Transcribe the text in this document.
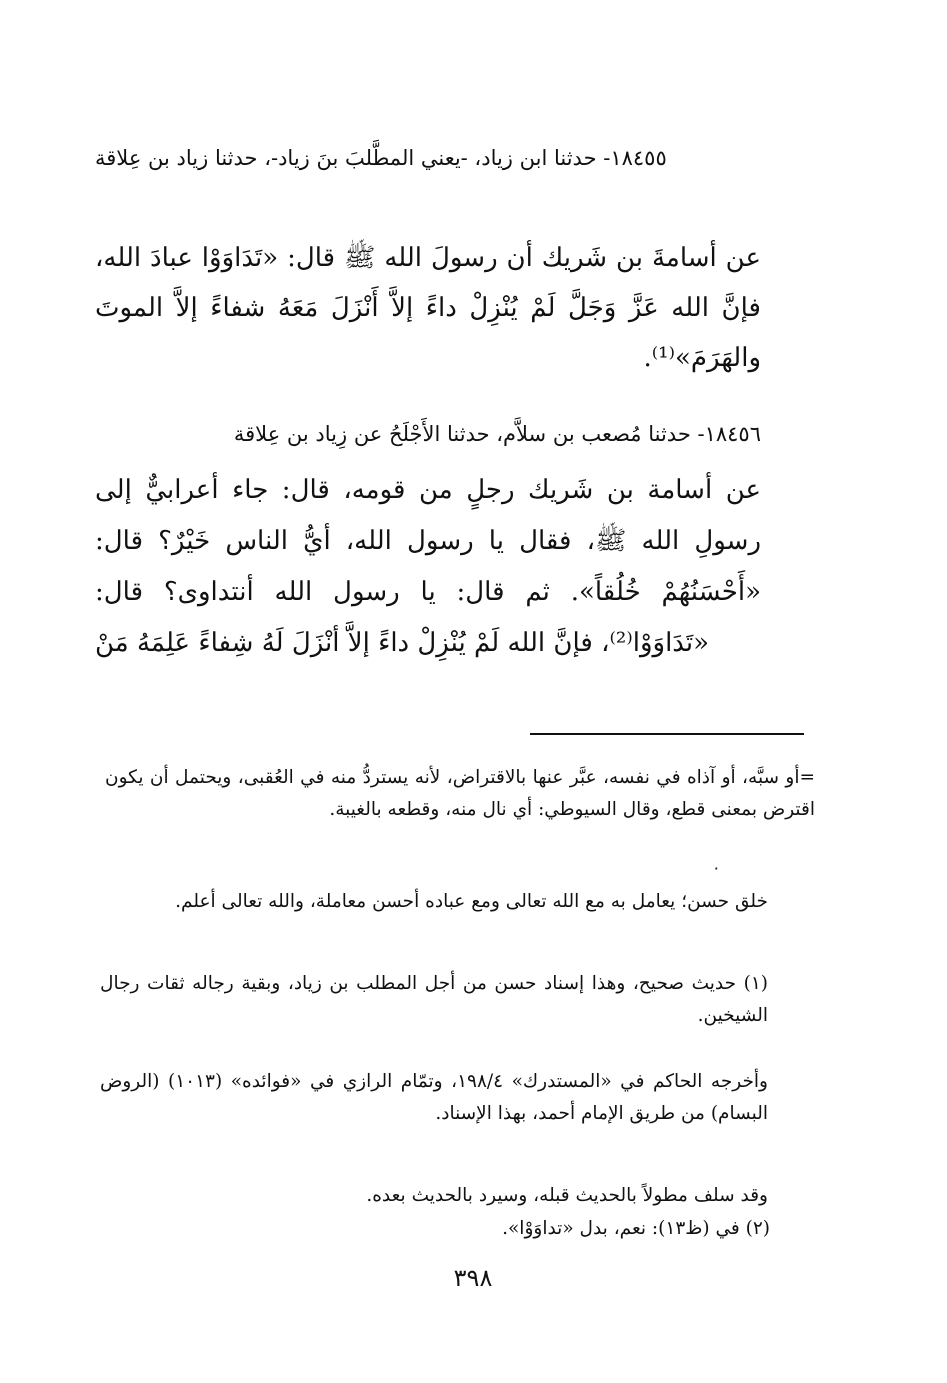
١٨٤٥٥- حدثنا ابن زياد، -يعني المطَّلبَ بنَ زياد-، حدثنا زياد بن عِلاقة

عن أسامةَ بن شَريك أن رسولَ الله ﷺ قال: «تَدَاوَوْا عبادَ الله، فإنَّ الله عَزَّ وَجَلَّ لَمْ يُنْزِلْ داءً إلاَّ أَنْزَلَ مَعَهُ شفاءً إلاَّ الموتَ والهَرَمَ»⁽¹⁾.

١٨٤٥٦- حدثنا مُصعب بن سلاَّم، حدثنا الأَجْلَحُ عن زِياد بن عِلاقة

عن أسامة بن شَريك رجلٍ من قومه، قال: جاء أعرابيٌّ إلى رسولِ الله ﷺ، فقال يا رسول الله، أيُّ الناس خَيْرٌ؟ قال: «أَحْسَنُهُمْ خُلُقاً». ثم قال: يا رسول الله أنتداوى؟ قال: «تَدَاوَوْا⁽²⁾، فإنَّ الله لَمْ يُنْزِلْ داءً إلاَّ أنْزَلَ لَهُ شِفاءً عَلِمَهُ مَنْ

=أو سبَّه، أو آذاه في نفسه، عبَّر عنها بالاقتراض، لأنه يستردُّ منه في العُقبى، ويحتمل أن يكون اقترض بمعنى قطع، وقال السيوطي: أي نال منه، وقطعه بالغيبة.

٠

خلق حسن؛ يعامل به مع الله تعالى ومع عباده أحسن معاملة، والله تعالى أعلم.

(١) حديث صحيح، وهذا إسناد حسن من أجل المطلب بن زياد، وبقية رجاله ثقات رجال الشيخين.

وأخرجه الحاكم في «المستدرك» ١٩٨/٤، وتمّام الرازي في «فوائده» (١٠١٣) (الروض البسام) من طريق الإمام أحمد، بهذا الإسناد.

وقد سلف مطولاً بالحديث قبله، وسيرد بالحديث بعده.

(٢) في (ظ١٣): نعم، بدل «تداوَوْا».

٣٩٨
